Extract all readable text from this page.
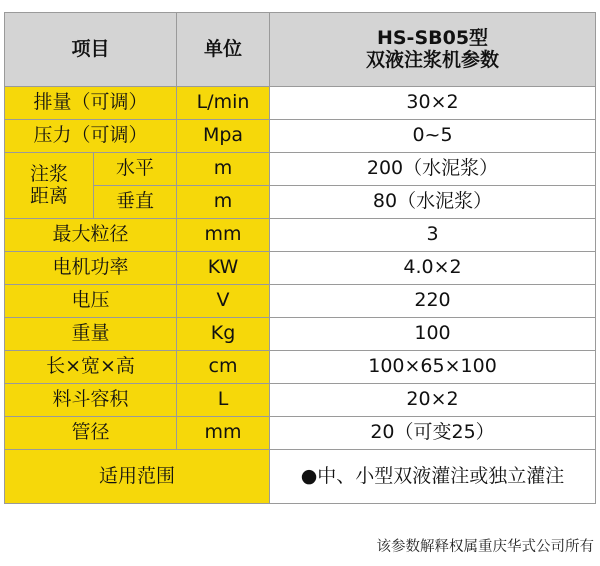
项目		单位	HS-SB05型
双液注浆机参数

排量（可调）		L/min	30×2
压力（可调）		Mpa	0~5

注浆
距离	水平	m	200（水泥浆）
	垂直	m	80（水泥浆）
最大粒径		mm	3
电机功率		KW	4.0×2
电压		V	220
重量		Kg	100
长×宽×高		cm	100×65×100
料斗容积		L	20×2
管径		mm	20（可变25）
适用范围			●中、小型双液灌注或独立灌注
该参数解释权属重庆华式公司所有
